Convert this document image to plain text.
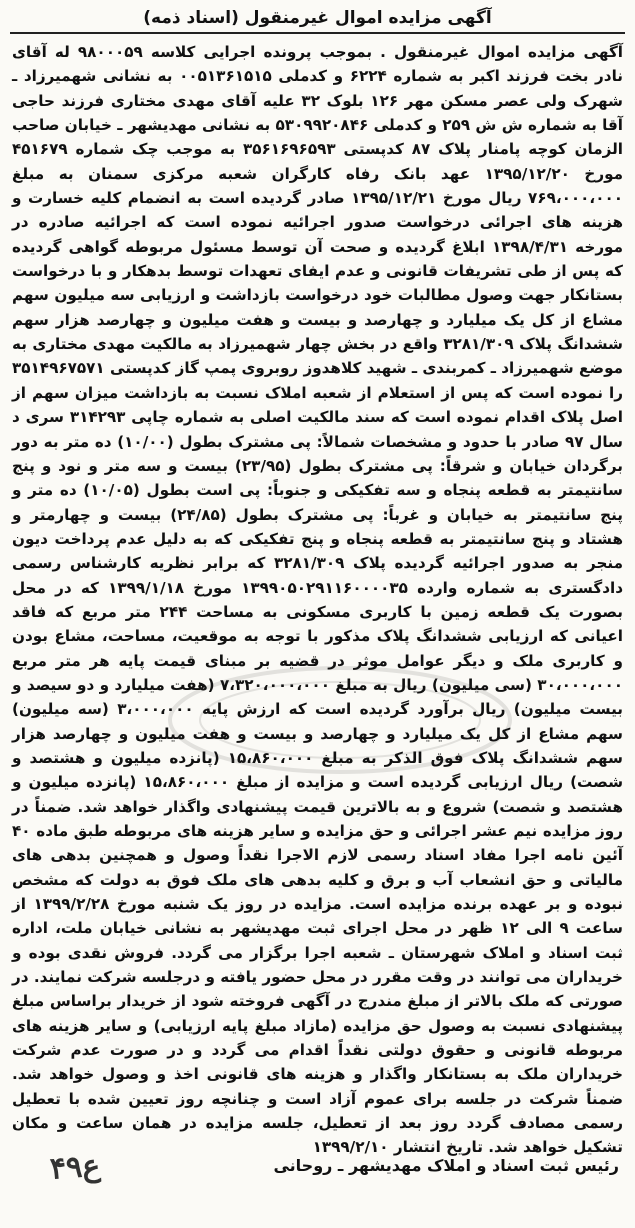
آگهی مزایده اموال غیرمنقول (اسناد ذمه)

آگهی مزایده اموال غیرمنقول . بموجب پرونده اجرایی کلاسه ۹۸۰۰۰۵۹ له آقای نادر بخت فرزند اکبر به شماره ۶۲۲۴ و کدملی ۰۰۵۱۳۶۱۵۱۵ به نشانی شهمیرزاد ـ شهرک ولی عصر مسکن مهر ۱۲۶ بلوک ۳۲ علیه آقای مهدی مختاری فرزند حاجی آقا به شماره ش ش ۲۵۹ و کدملی ۵۳۰۹۹۲۰۸۴۶ به نشانی مهدیشهر ـ خیابان صاحب الزمان کوچه پامنار پلاک ۸۷ کدپستی ۳۵۶۱۶۹۶۵۹۳ به موجب چک شماره ۴۵۱۶۷۹ مورخ ۱۳۹۵/۱۲/۲۰ عهد بانک رفاه کارگران شعبه مرکزی سمنان به مبلغ ۷۶۹،۰۰۰،۰۰۰ ریال مورخ ۱۳۹۵/۱۲/۲۱ صادر گردیده است به انضمام کلیه خسارت و هزینه های اجرائی درخواست صدور اجرائیه نموده است که اجرائیه صادره در مورخه ۱۳۹۸/۴/۳۱ ابلاغ گردیده و صحت آن توسط مسئول مربوطه گواهی گردیده که پس از طی تشریفات قانونی و عدم ایفای تعهدات توسط بدهکار و با درخواست بستانکار جهت وصول مطالبات خود درخواست بازداشت و ارزیابی سه میلیون سهم مشاع از کل یک میلیارد و چهارصد و بیست و هفت میلیون و چهارصد هزار سهم ششدانگ پلاک ۳۲۸۱/۳۰۹ واقع در بخش چهار شهمیرزاد به مالکیت مهدی مختاری به موضع شهمیرزاد ـ کمربندی ـ شهید کلاهدوز روبروی پمپ گاز کدپستی ۳۵۱۴۹۶۷۵۷۱ را نموده است که پس از استعلام از شعبه املاک نسبت به بازداشت میزان سهم از اصل پلاک اقدام نموده است که سند مالکیت اصلی به شماره چاپی ۳۱۴۲۹۳ سری د سال ۹۷ صادر با حدود و مشخصات شمالاً: پی مشترک بطول (۱۰/۰۰) ده متر به دور برگردان خیابان و شرقاً: پی مشترک بطول (۲۳/۹۵) بیست و سه متر و نود و پنج سانتیمتر به قطعه پنجاه و سه تفکیکی و جنوباً: پی است بطول (۱۰/۰۵) ده متر و پنج سانتیمتر به خیابان و غرباً: پی مشترک بطول (۲۴/۸۵) بیست و چهارمتر و هشتاد و پنج سانتیمتر به قطعه پنجاه و پنج تفکیکی که به دلیل عدم پرداخت دیون منجر به صدور اجرائیه گردیده پلاک ۳۲۸۱/۳۰۹ که برابر نظریه کارشناس رسمی دادگستری به شماره وارده ۱۳۹۹۰۵۰۲۹۱۱۶۰۰۰۰۳۵ مورخ ۱۳۹۹/۱/۱۸ که در محل بصورت یک قطعه زمین با کاربری مسکونی به مساحت ۲۴۴ متر مربع که فاقد اعیانی که ارزیابی ششدانگ پلاک مذکور با توجه به موقعیت، مساحت، مشاع بودن و کاربری ملک و دیگر عوامل موثر در قضیه بر مبنای قیمت پایه هر متر مربع ۳۰،۰۰۰،۰۰۰ (سی میلیون) ریال به مبلغ ۷،۳۲۰،۰۰۰،۰۰۰ (هفت میلیارد و دو سیصد و بیست میلیون) ریال برآورد گردیده است که ارزش پایه ۳،۰۰۰،۰۰۰ (سه میلیون) سهم مشاع از کل یک میلیارد و چهارصد و بیست و هفت میلیون و چهارصد هزار سهم ششدانگ پلاک فوق الذکر به مبلغ ۱۵،۸۶۰،۰۰۰ (پانزده میلیون و هشتصد و شصت) ریال ارزیابی گردیده است و مزایده از مبلغ ۱۵،۸۶۰،۰۰۰ (پانزده میلیون و هشتصد و شصت) شروع و به بالاترین قیمت پیشنهادی واگذار خواهد شد. ضمناً در روز مزایده نیم عشر اجرائی و حق مزایده و سایر هزینه های مربوطه طبق ماده ۴۰ آئین نامه اجرا مفاد اسناد رسمی لازم الاجرا نقداً وصول و همچنین بدهی های مالیاتی و حق انشعاب آب و برق و کلیه بدهی های ملک فوق به دولت که مشخص نبوده و بر عهده برنده مزایده است. مزایده در روز یک شنبه مورخ ۱۳۹۹/۲/۲۸ از ساعت ۹ الی ۱۲ ظهر در محل اجرای ثبت مهدیشهر به نشانی خیابان ملت، اداره ثبت اسناد و املاک شهرستان ـ شعبه اجرا برگزار می گردد. فروش نقدی بوده و خریداران می توانند در وقت مقرر در محل حضور یافته و درجلسه شرکت نمایند. در صورتی که ملک بالاتر از مبلغ مندرج در آگهی فروخته شود از خریدار براساس مبلغ پیشنهادی نسبت به وصول حق مزایده (مازاد مبلغ پایه ارزیابی) و سایر هزینه های مربوطه قانونی و حقوق دولتی نقداً اقدام می گردد و در صورت عدم شرکت خریداران ملک به بستانکار واگذار و هزینه های قانونی اخذ و وصول خواهد شد. ضمناً شرکت در جلسه برای عموم آزاد است و چنانچه روز تعیین شده با تعطیل رسمی مصادف گردد روز بعد از تعطیل، جلسه مزایده در همان ساعت و مکان تشکیل خواهد شد. تاریخ انتشار ۱۳۹۹/۲/۱۰

رئیس ثبت اسناد و املاک مهدیشهر ـ روحانی
ع۴۹
